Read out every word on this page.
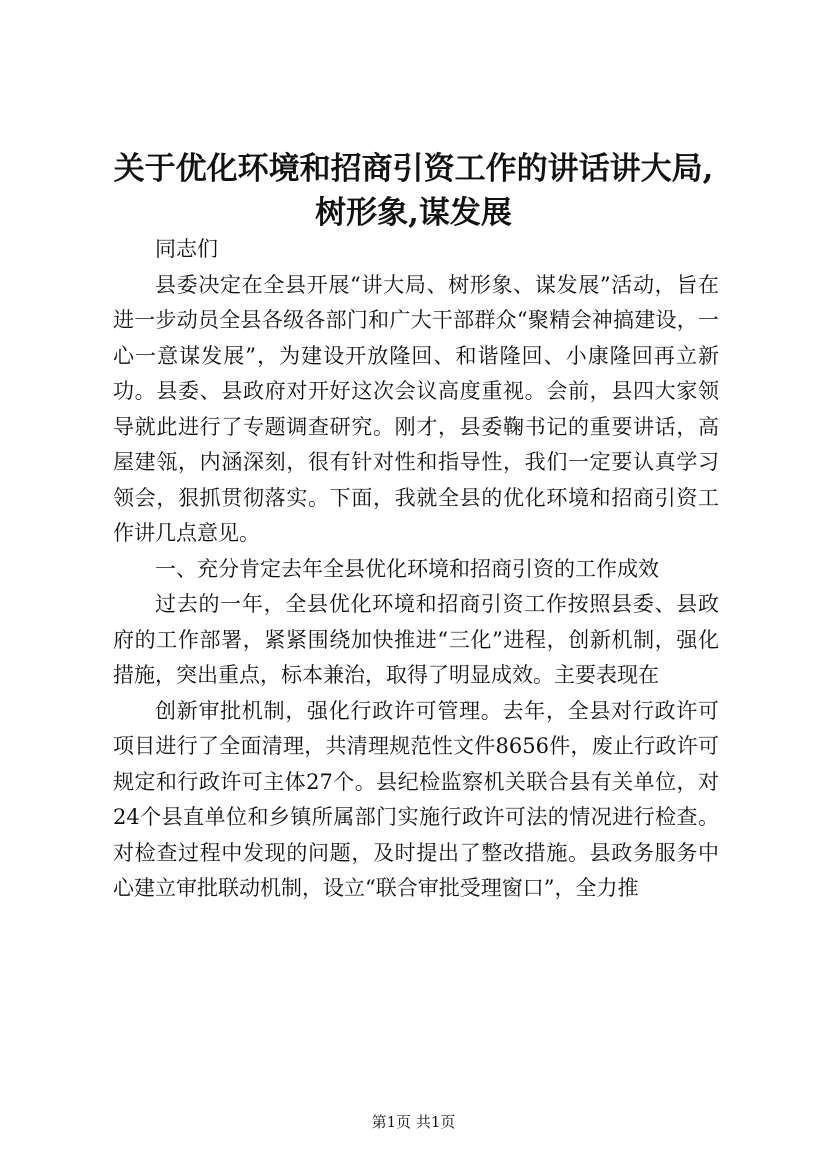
关于优化环境和招商引资工作的讲话讲大局,
树形象,谋发展

同志们

县委决定在全县开展“讲大局、树形象、谋发展”活动，旨在进一步动员全县各级各部门和广大干部群众“聚精会神搞建设，一心一意谋发展”，为建设开放隆回、和谐隆回、小康隆回再立新功。县委、县政府对开好这次会议高度重视。会前，县四大家领导就此进行了专题调查研究。刚才，县委鞠书记的重要讲话，高屋建瓴，内涵深刻，很有针对性和指导性，我们一定要认真学习领会，狠抓贯彻落实。下面，我就全县的优化环境和招商引资工作讲几点意见。

一、充分肯定去年全县优化环境和招商引资的工作成效

过去的一年，全县优化环境和招商引资工作按照县委、县政府的工作部署，紧紧围绕加快推进“三化”进程，创新机制，强化措施，突出重点，标本兼治，取得了明显成效。主要表现在

创新审批机制，强化行政许可管理。去年，全县对行政许可项目进行了全面清理，共清理规范性文件8656件，废止行政许可规定和行政许可主体27个。县纪检监察机关联合县有关单位，对24个县直单位和乡镇所属部门实施行政许可法的情况进行检查。对检查过程中发现的问题，及时提出了整改措施。县政务服务中心建立审批联动机制，设立“联合审批受理窗口”，全力推

第1页 共1页
